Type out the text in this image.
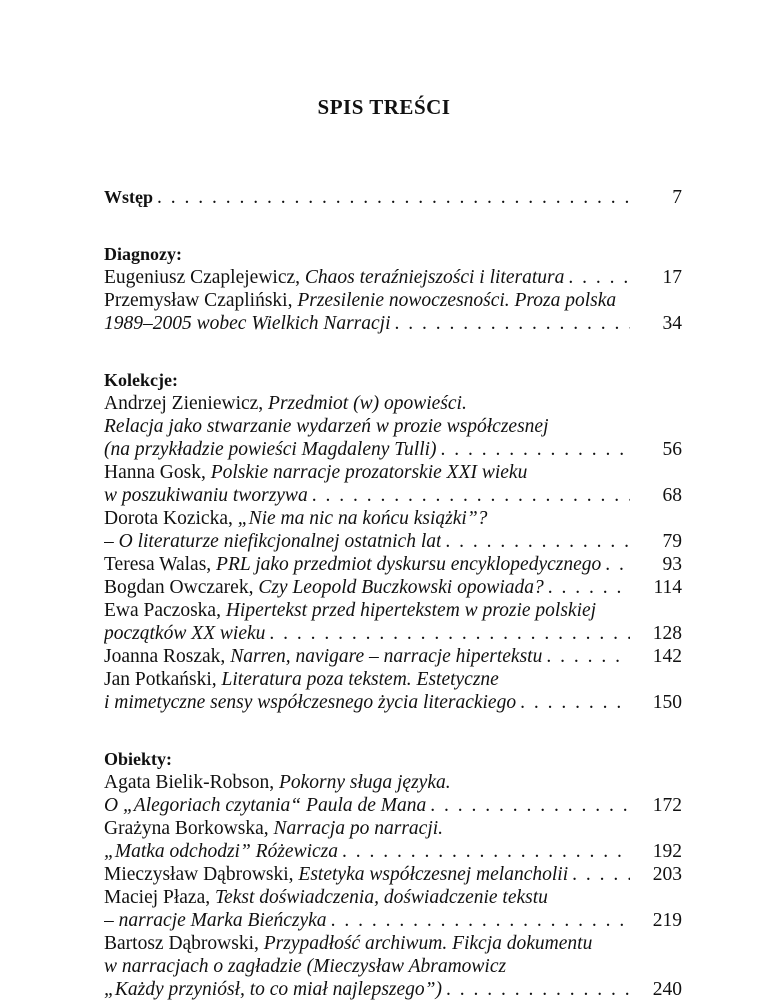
SPIS TREŚCI
Wstęp . . .	7
Diagnozy:
Eugeniusz Czaplejewicz, Chaos teraźniejszości i literatura . . .	17
Przemysław Czapliński, Przesilenie nowoczesności. Proza polska
1989–2005 wobec Wielkich Narracji . . .	34
Kolekcje:
Andrzej Zieniewicz, Przedmiot (w) opowieści.
Relacja jako stwarzanie wydarzeń w prozie współczesnej
(na przykładzie powieści Magdaleny Tulli) . . .	56
Hanna Gosk, Polskie narracje prozatorskie XXI wieku
w poszukiwaniu tworzywa . . .	68
Dorota Kozicka, „Nie ma nic na końcu książki”?
– O literaturze niefikcjonalnej ostatnich lat . . .	79
Teresa Walas, PRL jako przedmiot dyskursu encyklopedycznego . . .	93
Bogdan Owczarek, Czy Leopold Buczkowski opowiada? . . .	114
Ewa Paczoska, Hipertekst przed hipertekstem w prozie polskiej
początków XX wieku . . .	128
Joanna Roszak, Narren, navigare – narracje hipertekstu . . .	142
Jan Potkański, Literatura poza tekstem. Estetyczne
i mimetyczne sensy współczesnego życia literackiego . . .	150
Obiekty:
Agata Bielik-Robson, Pokorny sługa języka.
O „Alegoriach czytania“ Paula de Mana . . .	172
Grażyna Borkowska, Narracja po narracji.
„Matka odchodzi” Różewicza . . .	192
Mieczysław Dąbrowski, Estetyka współczesnej melancholii . . .	203
Maciej Płaza, Tekst doświadczenia, doświadczenie tekstu
– narracje Marka Bieńczyka . . .	219
Bartosz Dąbrowski, Przypadłość archiwum. Fikcja dokumentu
w narracjach o zagładzie (Mieczysław Abramowicz
„Każdy przyniósł, to co miał najlepszego”) . . .	240
